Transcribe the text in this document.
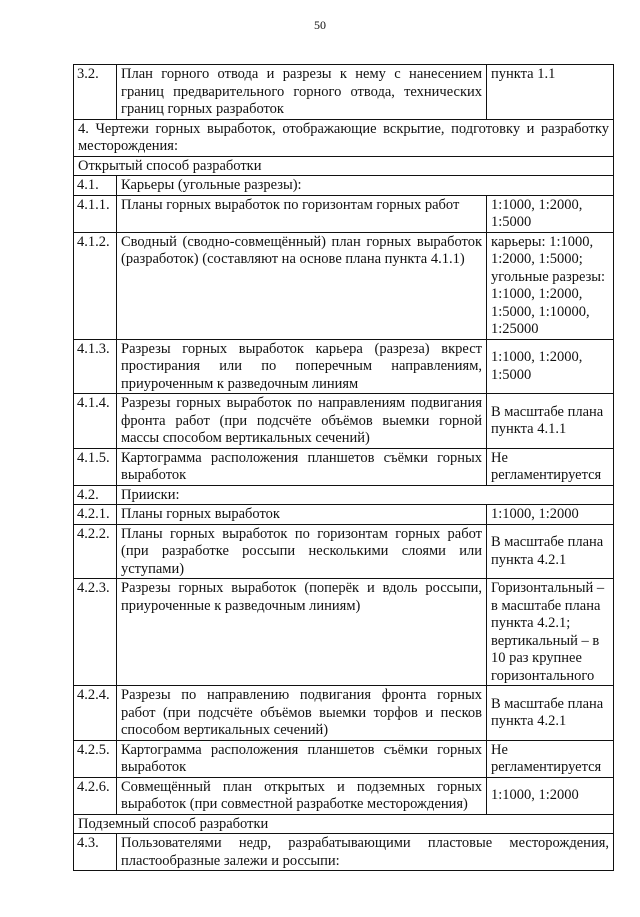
50
3.2.	План горного отвода и разрезы к нему с нанесением границ предварительного горного отвода, технических границ горных разработок	пункта 1.1
4. Чертежи горных выработок, отображающие вскрытие, подготовку и разработку месторождения:		
Открытый способ разработки		
4.1.	Карьеры (угольные разрезы):	
4.1.1.	Планы горных выработок по горизонтам горных работ	1:1000, 1:2000, 1:5000
4.1.2.	Сводный (сводно-совмещённый) план горных выработок (разработок) (составляют на основе плана пункта 4.1.1)	карьеры: 1:1000, 1:2000, 1:5000; угольные разрезы: 1:1000, 1:2000, 1:5000, 1:10000, 1:25000
4.1.3.	Разрезы горных выработок карьера (разреза) вкрест простирания или по поперечным направлениям, приуроченным к разведочным линиям	1:1000, 1:2000, 1:5000
4.1.4.	Разрезы горных выработок по направлениям подвигания фронта работ (при подсчёте объёмов выемки горной массы способом вертикальных сечений)	В масштабе плана пункта 4.1.1
4.1.5.	Картограмма расположения планшетов съёмки горных выработок	Не регламентируется
4.2.	Прииски:	
4.2.1.	Планы горных выработок	1:1000, 1:2000
4.2.2.	Планы горных выработок по горизонтам горных работ (при разработке россыпи несколькими слоями или уступами)	В масштабе плана пункта 4.2.1
4.2.3.	Разрезы горных выработок (поперёк и вдоль россыпи, приуроченные к разведочным линиям)	Горизонтальный – в масштабе плана пункта 4.2.1; вертикальный – в 10 раз крупнее горизонтального
4.2.4.	Разрезы по направлению подвигания фронта горных работ (при подсчёте объёмов выемки торфов и песков способом вертикальных сечений)	В масштабе плана пункта 4.2.1
4.2.5.	Картограмма расположения планшетов съёмки горных выработок	Не регламентируется
4.2.6.	Совмещённый план открытых и подземных горных выработок (при совместной разработке месторождения)	1:1000, 1:2000
Подземный способ разработки		
4.3.	Пользователями недр, разрабатывающими пластовые месторождения, пластообразные залежи и россыпи:	
